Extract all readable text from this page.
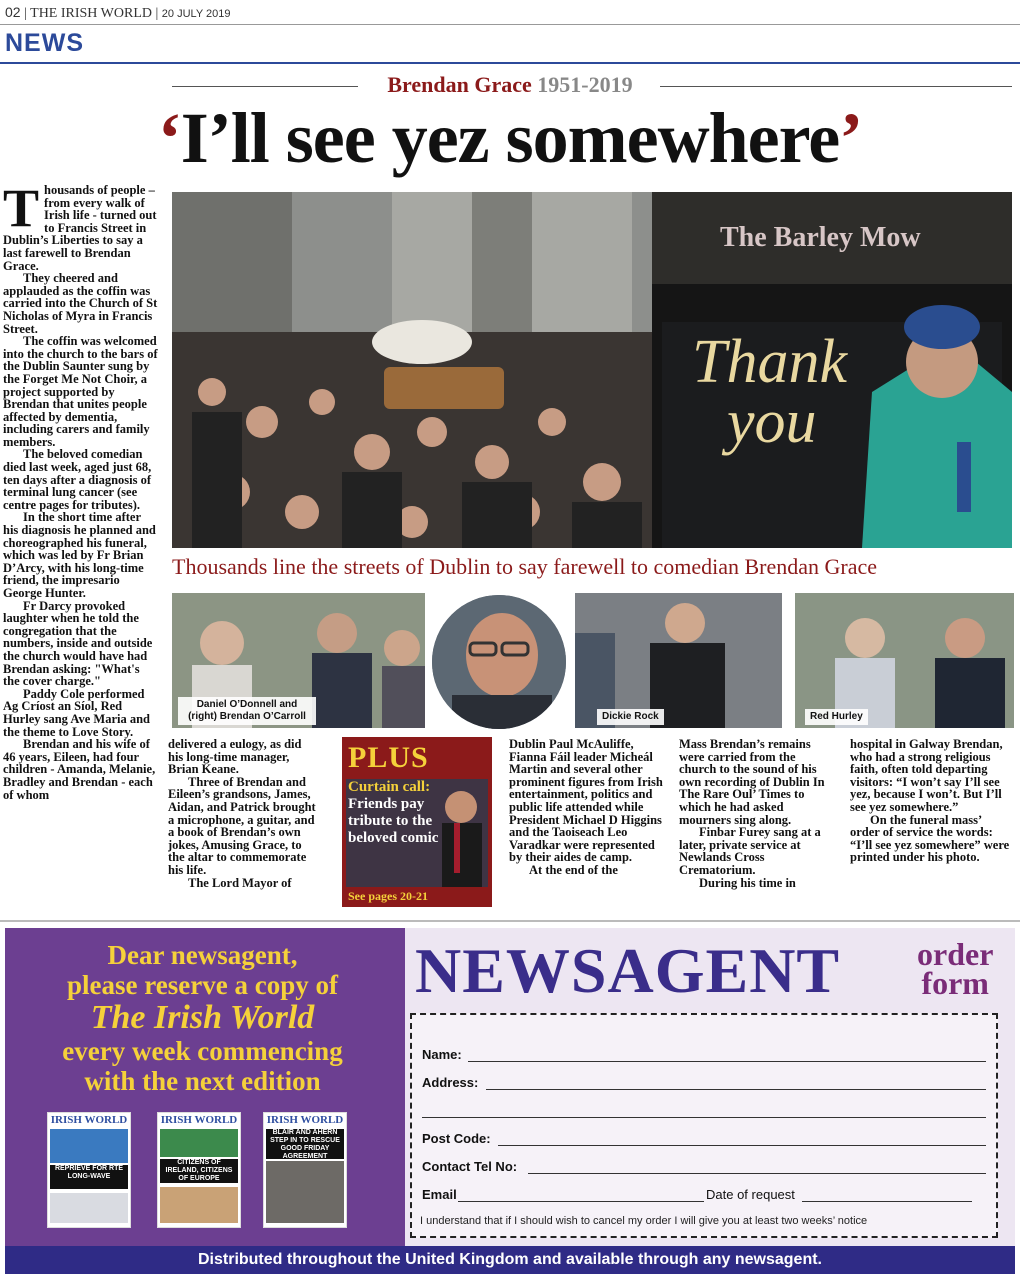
02 | THE IRISH WORLD | 20 JULY 2019
NEWS
Brendan Grace 1951-2019
‘I’ll see yez somewhere’
T housands of people – from every walk of Irish life - turned out to Francis Street in Dublin’s Liberties to say a last farewell to Brendan Grace.

They cheered and applauded as the coffin was carried into the Church of St Nicholas of Myra in Francis Street.

The coffin was welcomed into the church to the bars of the Dublin Saunter sung by the Forget Me Not Choir, a project supported by Brendan that unites people affected by dementia, including carers and family members.

The beloved comedian died last week, aged just 68, ten days after a diagnosis of terminal lung cancer (see centre pages for tributes).

In the short time after his diagnosis he planned and choreographed his funeral, which was led by Fr Brian D’Arcy, with his long-time friend, the impresario George Hunter.

Fr Darcy provoked laughter when he told the congregation that the numbers, inside and outside the church would have had Brendan asking: "What's the cover charge."

Paddy Cole performed Ag Críost an Síol, Red Hurley sang Ave Maria and the theme to Love Story.

Brendan and his wife of 46 years, Eileen, had four children - Amanda, Melanie, Bradley and Brendan - each of whom

The Barley Mow
Thank
you
Thousands line the streets of Dublin to say farewell to comedian Brendan Grace
Daniel O’Donnell and (right) Brendan O’Carroll	Dickie Rock	Red Hurley

delivered a eulogy, as did his long-time manager, Brian Keane.

Three of Brendan and Eileen’s grandsons, James, Aidan, and Patrick brought a microphone, a guitar, and a book of Brendan’s own jokes, Amusing Grace, to the altar to commemorate his life.

The Lord Mayor of

PLUS
Curtain call: Friends pay tribute to the beloved comic
See pages 20-21

Dublin Paul McAuliffe, Fianna Fáil leader Micheál Martin and several other prominent figures from Irish entertainment, politics and public life attended while President Michael D Higgins and the Taoiseach Leo Varadkar were represented by their aides de camp.

At the end of the

Mass Brendan’s remains were carried from the church to the sound of his own recording of Dublin In The Rare Oul’ Times to which he had asked mourners sing along.

Finbar Furey sang at a later, private service at Newlands Cross Crematorium.

During his time in

hospital in Galway Brendan, who had a strong religious faith, often told departing visitors: “I won’t say I’ll see yez, because I won’t. But I’ll see yez somewhere.”

On the funeral mass’ order of service the words: “I’ll see yez somewhere” were printed under his photo.

Dear newsagent,
please reserve a copy of
The Irish World
every week commencing
with the next edition
IRISH WORLD
REPRIEVE FOR RTE LONG-WAVE
IRISH WORLD
CITIZENS OF IRELAND, CITIZENS OF EUROPE
IRISH WORLD
BLAIR AND AHERN STEP IN TO RESCUE GOOD FRIDAY AGREEMENT
NEWSAGENT order
form
Name:
Address:
Post Code:
Contact Tel No:
Email	Date of request
I understand that if I should wish to cancel my order I will give you at least two weeks’ notice
Distributed throughout the United Kingdom and available through any newsagent.
